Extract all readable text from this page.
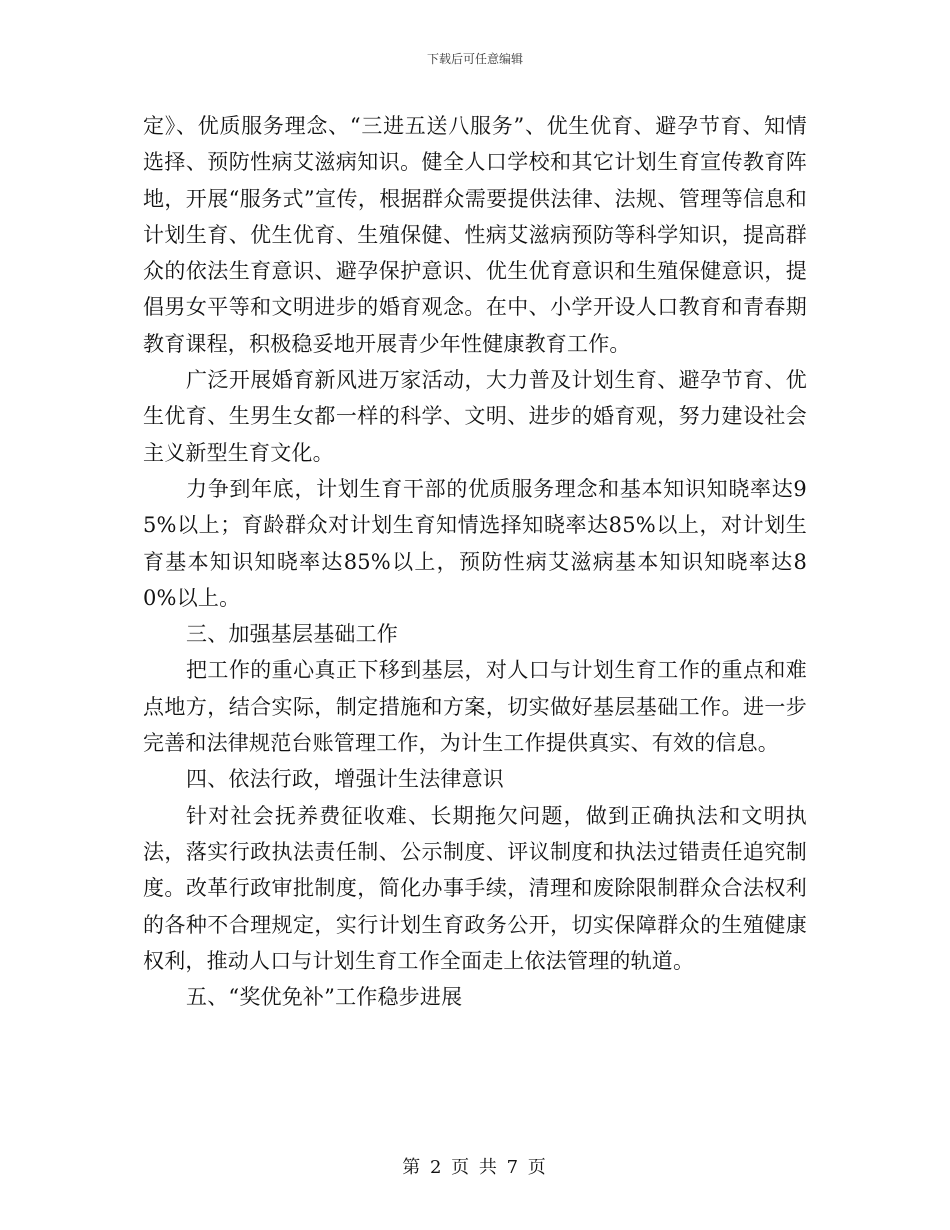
下载后可任意编辑

定》、优质服务理念、“三进五送八服务”、优生优育、避孕节育、知情选择、预防性病艾滋病知识。健全人口学校和其它计划生育宣传教育阵地，开展“服务式”宣传，根据群众需要提供法律、法规、管理等信息和计划生育、优生优育、生殖保健、性病艾滋病预防等科学知识，提高群众的依法生育意识、避孕保护意识、优生优育意识和生殖保健意识，提倡男女平等和文明进步的婚育观念。在中、小学开设人口教育和青春期教育课程，积极稳妥地开展青少年性健康教育工作。

广泛开展婚育新风进万家活动，大力普及计划生育、避孕节育、优生优育、生男生女都一样的科学、文明、进步的婚育观，努力建设社会主义新型生育文化。

力争到年底，计划生育干部的优质服务理念和基本知识知晓率达95%以上；育龄群众对计划生育知情选择知晓率达85%以上，对计划生育基本知识知晓率达85%以上，预防性病艾滋病基本知识知晓率达80%以上。

三、加强基层基础工作

把工作的重心真正下移到基层，对人口与计划生育工作的重点和难点地方，结合实际，制定措施和方案，切实做好基层基础工作。进一步完善和法律规范台账管理工作，为计生工作提供真实、有效的信息。

四、依法行政，增强计生法律意识

针对社会抚养费征收难、长期拖欠问题，做到正确执法和文明执法，落实行政执法责任制、公示制度、评议制度和执法过错责任追究制度。改革行政审批制度，简化办事手续，清理和废除限制群众合法权利的各种不合理规定，实行计划生育政务公开，切实保障群众的生殖健康权利，推动人口与计划生育工作全面走上依法管理的轨道。

五、“奖优免补”工作稳步进展

第 2 页 共 7 页
